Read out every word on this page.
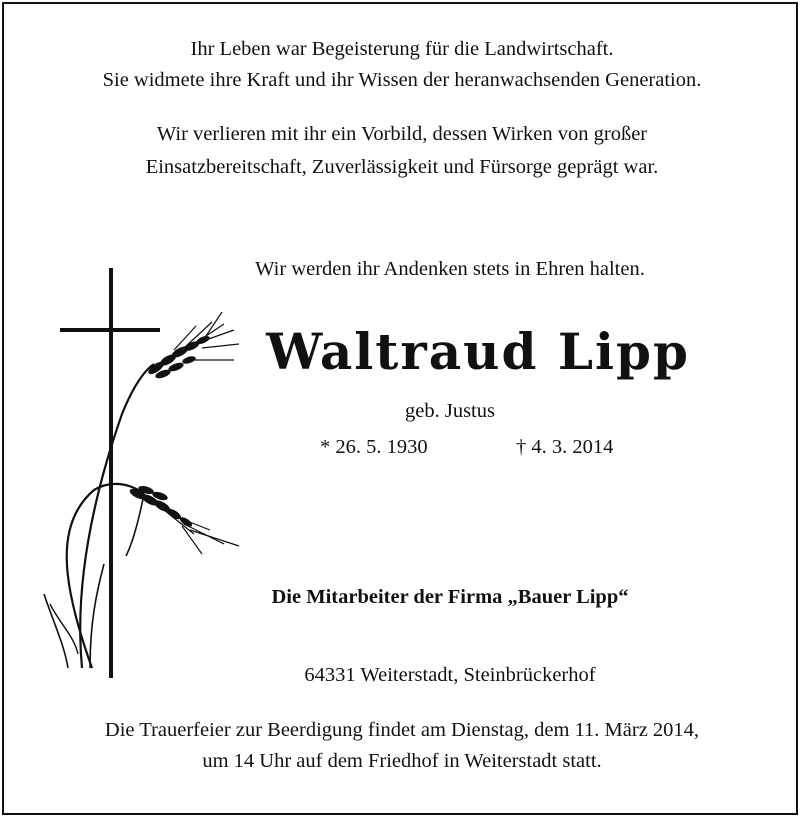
Ihr Leben war Begeisterung für die Landwirtschaft.
Sie widmete ihre Kraft und ihr Wissen der heranwachsenden Generation.
Wir verlieren mit ihr ein Vorbild, dessen Wirken von großer
Einsatzbereitschaft, Zuverlässigkeit und Fürsorge geprägt war.
Wir werden ihr Andenken stets in Ehren halten.
Waltraud Lipp
geb. Justus
* 26. 5. 1930	† 4. 3. 2014
Die Mitarbeiter der Firma „Bauer Lipp“
64331 Weiterstadt, Steinbrückerhof
Die Trauerfeier zur Beerdigung findet am Dienstag, dem 11. März 2014,
um 14 Uhr auf dem Friedhof in Weiterstadt statt.
